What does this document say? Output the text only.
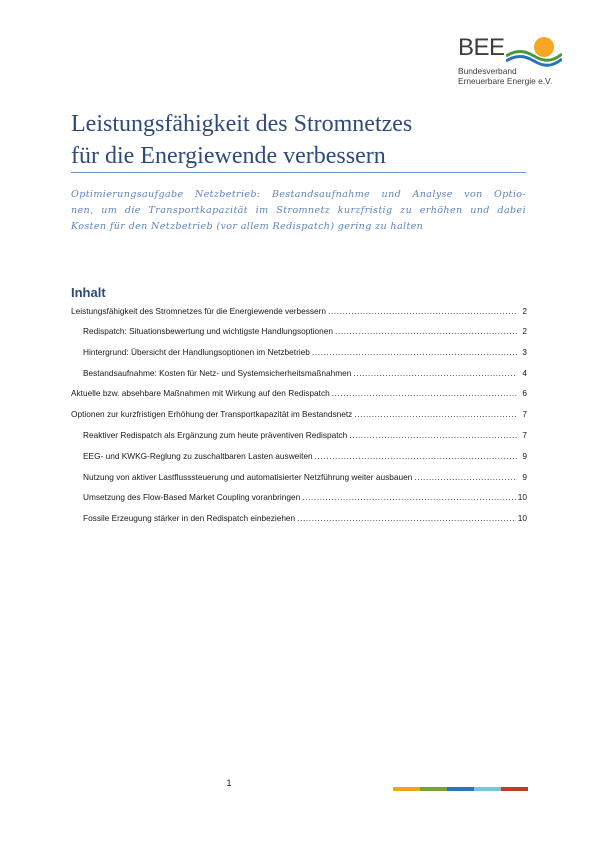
BEE
Bundesverband
Erneuerbare Energie e.V.
Leistungsfähigkeit des Stromnetzes
für die Energiewende verbessern

Optimierungsaufgabe Netzbetrieb: Bestandsaufnahme und Analyse von Optio-
nen, um die Transportkapazität im Stromnetz kurzfristig zu erhöhen und dabei
Kosten für den Netzbetrieb (vor allem Redispatch) gering zu halten

Inhalt
Leistungsfähigkeit des Stromnetzes für die Energiewende verbessern .....	2
Redispatch: Situationsbewertung und wichtigste Handlungsoptionen .....	2
Hintergrund: Übersicht der Handlungsoptionen im Netzbetrieb .....	3
Bestandsaufnahme: Kosten für Netz- und Systemsicherheitsmaßnahmen .....	4
Aktuelle bzw. absehbare Maßnahmen mit Wirkung auf den Redispatch .....	6
Optionen zur kurzfristigen Erhöhung der Transportkapazität im Bestandsnetz .....	7
Reaktiver Redispatch als Ergänzung zum heute präventiven Redispatch .....	7
EEG- und KWKG-Reglung zu zuschaltbaren Lasten ausweiten .....	9
Nutzung von aktiver Lastflusssteuerung und automatisierter Netzführung weiter ausbauen .....	9
Umsetzung des Flow-Based Market Coupling voranbringen .....	10
Fossile Erzeugung stärker in den Redispatch einbeziehen .....	10
1
